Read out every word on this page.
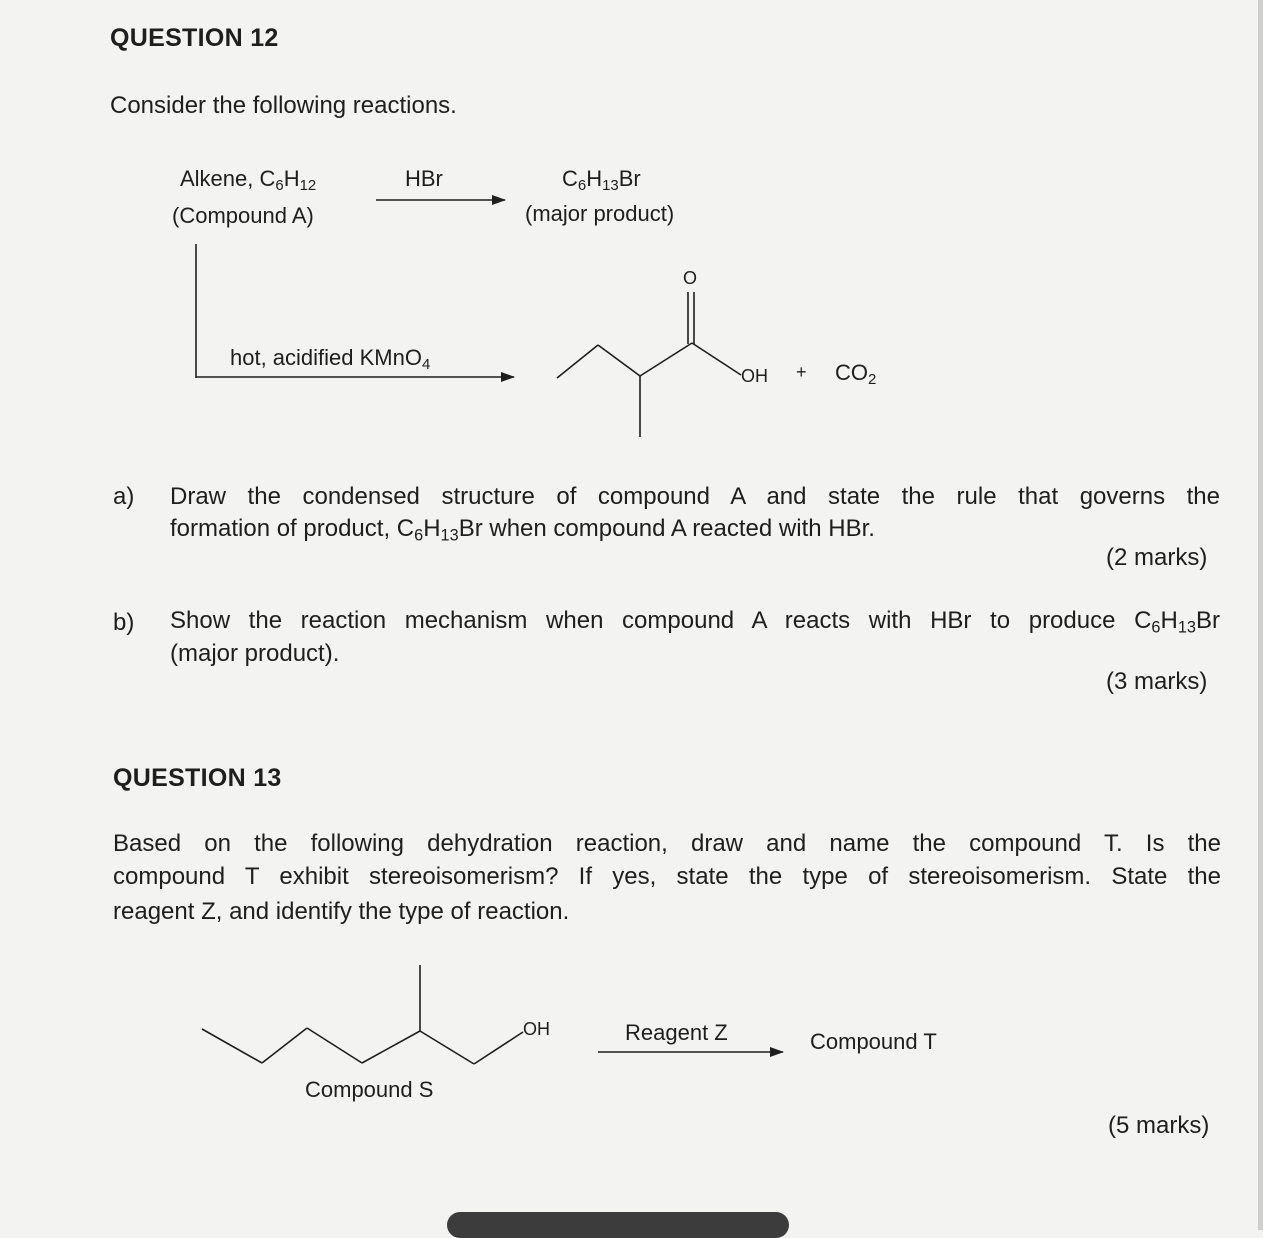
QUESTION 12
Consider the following reactions.
Alkene, $C_6H_{12}$
(Compound A)
HBr	$C_6H_{13}Br$
(major product)
hot, acidified KMnO$_4$
O
OH + $CO_2$
a) Draw the condensed structure of compound A and state the rule that governs the
formation of product, $C_6H_{13}Br$ when compound A reacted with HBr.
(2 marks)
b) Show the reaction mechanism when compound A reacts with HBr to produce $C_6H_{13}Br$
(major product).
(3 marks)
QUESTION 13
Based on the following dehydration reaction, draw and name the compound T. Is the
compound T exhibit stereoisomerism? If yes, state the type of stereoisomerism. State the
reagent Z, and identify the type of reaction.
OH	Reagent Z	Compound T
Compound S
(5 marks)
